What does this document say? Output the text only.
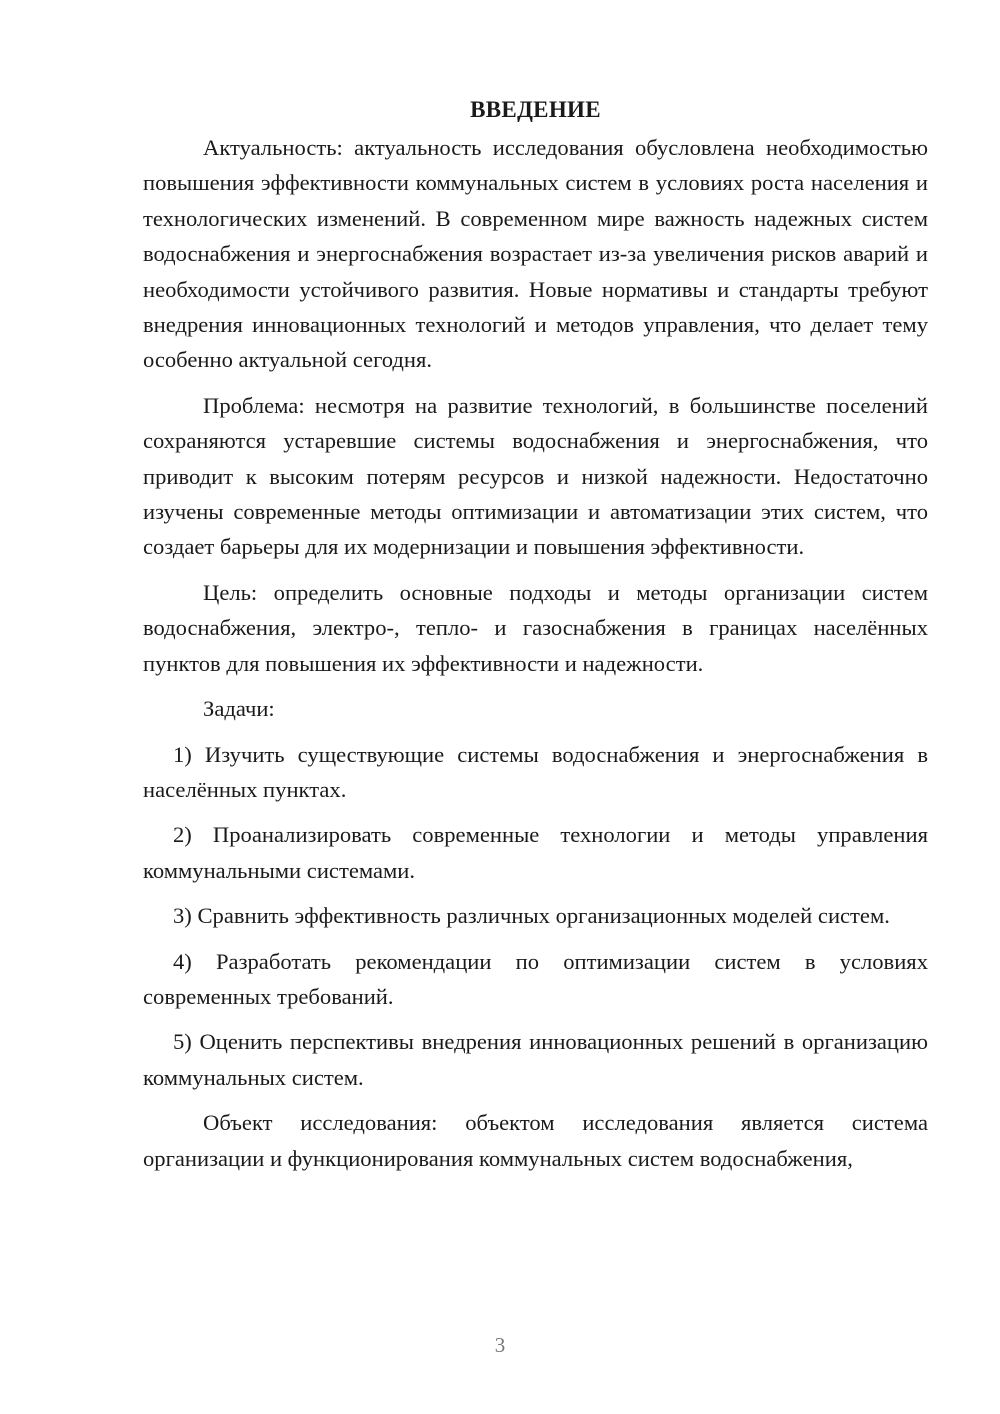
ВВЕДЕНИЕ

Актуальность: актуальность исследования обусловлена необходимостью повышения эффективности коммунальных систем в условиях роста населения и технологических изменений. В современном мире важность надежных систем водоснабжения и энергоснабжения возрастает из-за увеличения рисков аварий и необходимости устойчивого развития. Новые нормативы и стандарты требуют внедрения инновационных технологий и методов управления, что делает тему особенно актуальной сегодня.

Проблема: несмотря на развитие технологий, в большинстве поселений сохраняются устаревшие системы водоснабжения и энергоснабжения, что приводит к высоким потерям ресурсов и низкой надежности. Недостаточно изучены современные методы оптимизации и автоматизации этих систем, что создает барьеры для их модернизации и повышения эффективности.

Цель: определить основные подходы и методы организации систем водоснабжения, электро-, тепло- и газоснабжения в границах населённых пунктов для повышения их эффективности и надежности.

Задачи:

1) Изучить существующие системы водоснабжения и энергоснабжения в населённых пунктах.

2) Проанализировать современные технологии и методы управления коммунальными системами.

3) Сравнить эффективность различных организационных моделей систем.

4) Разработать рекомендации по оптимизации систем в условиях современных требований.

5) Оценить перспективы внедрения инновационных решений в организацию коммунальных систем.

Объект исследования: объектом исследования является система организации и функционирования коммунальных систем водоснабжения,

3
